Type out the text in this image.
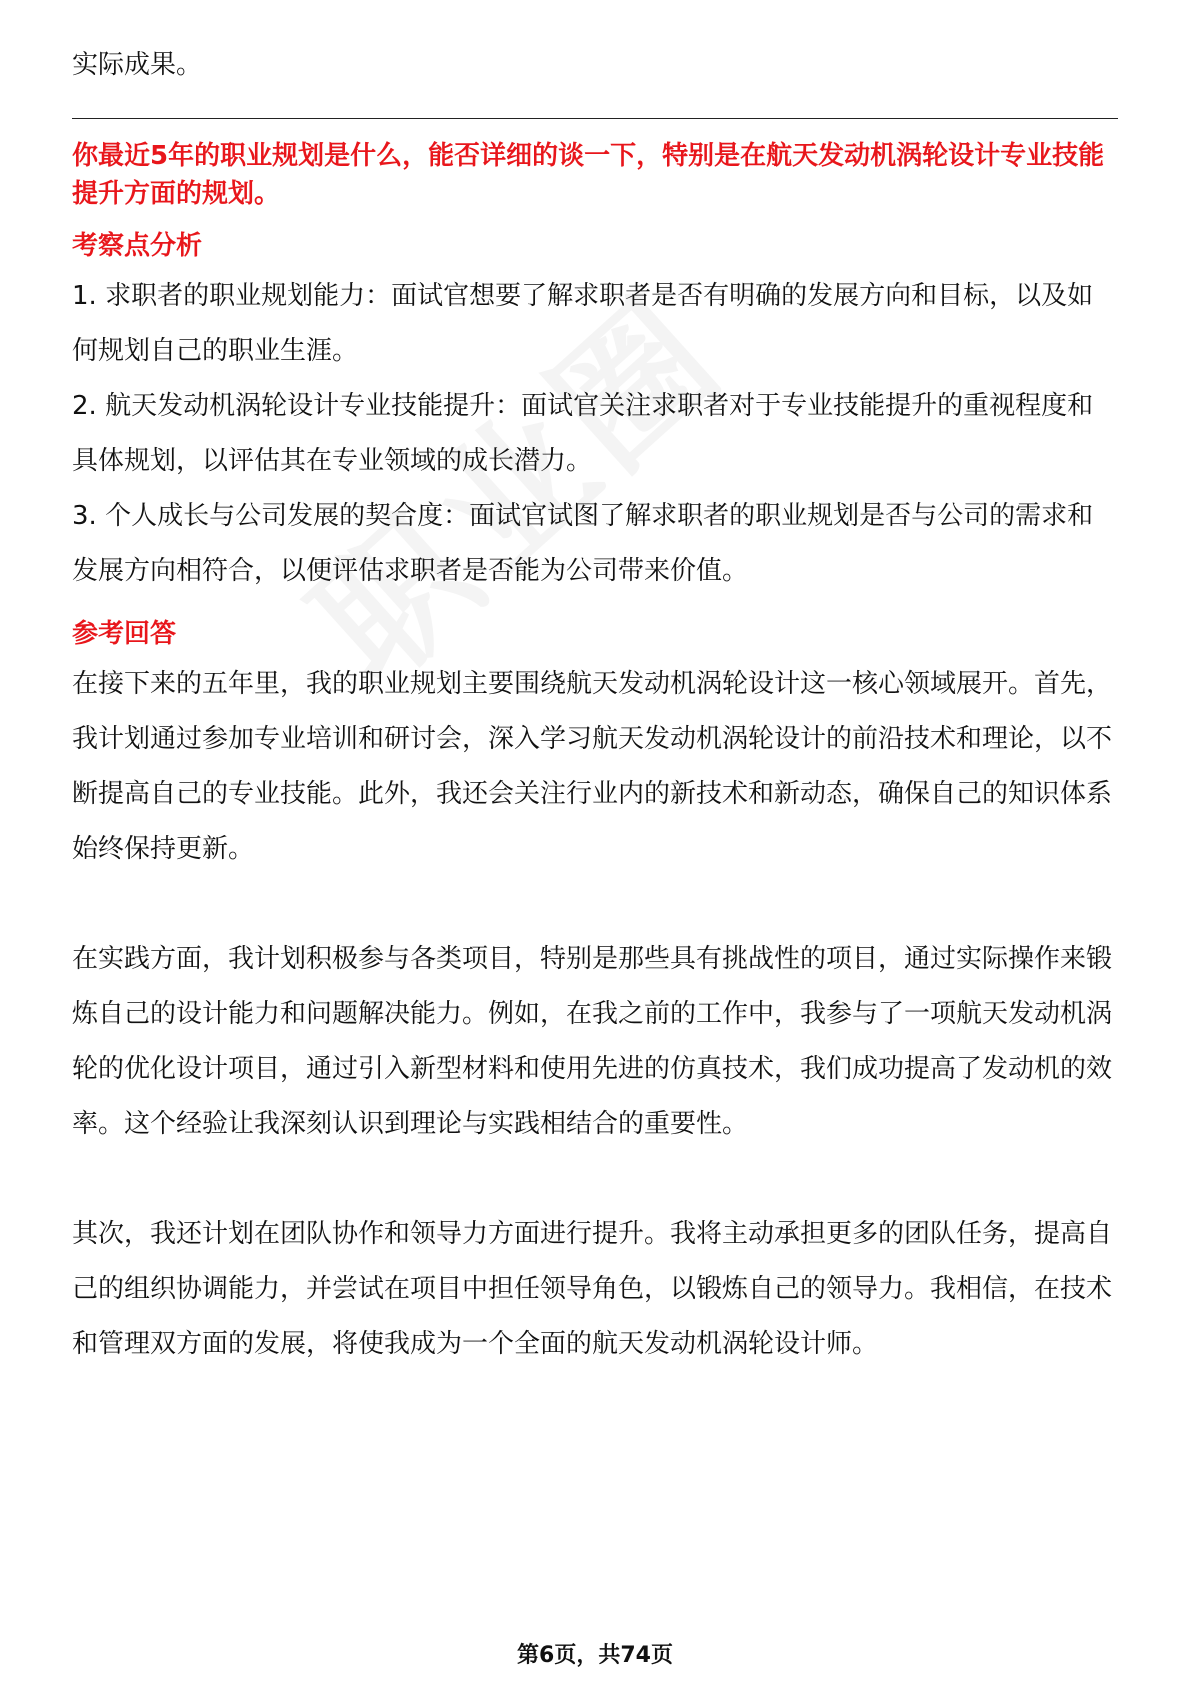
实际成果。

你最近5年的职业规划是什么，能否详细的谈一下，特别是在航天发动机涡轮设计专业技能提升方面的规划。

考察点分析

1. 求职者的职业规划能力：面试官想要了解求职者是否有明确的发展方向和目标，以及如何规划自己的职业生涯。

2. 航天发动机涡轮设计专业技能提升：面试官关注求职者对于专业技能提升的重视程度和具体规划，以评估其在专业领域的成长潜力。

3. 个人成长与公司发展的契合度：面试官试图了解求职者的职业规划是否与公司的需求和发展方向相符合，以便评估求职者是否能为公司带来价值。

参考回答

在接下来的五年里，我的职业规划主要围绕航天发动机涡轮设计这一核心领域展开。首先，我计划通过参加专业培训和研讨会，深入学习航天发动机涡轮设计的前沿技术和理论，以不断提高自己的专业技能。此外，我还会关注行业内的新技术和新动态，确保自己的知识体系始终保持更新。

在实践方面，我计划积极参与各类项目，特别是那些具有挑战性的项目，通过实际操作来锻炼自己的设计能力和问题解决能力。例如，在我之前的工作中，我参与了一项航天发动机涡轮的优化设计项目，通过引入新型材料和使用先进的仿真技术，我们成功提高了发动机的效率。这个经验让我深刻认识到理论与实践相结合的重要性。

其次，我还计划在团队协作和领导力方面进行提升。我将主动承担更多的团队任务，提高自己的组织协调能力，并尝试在项目中担任领导角色，以锻炼自己的领导力。我相信，在技术和管理双方面的发展，将使我成为一个全面的航天发动机涡轮设计师。

第6页，共74页
